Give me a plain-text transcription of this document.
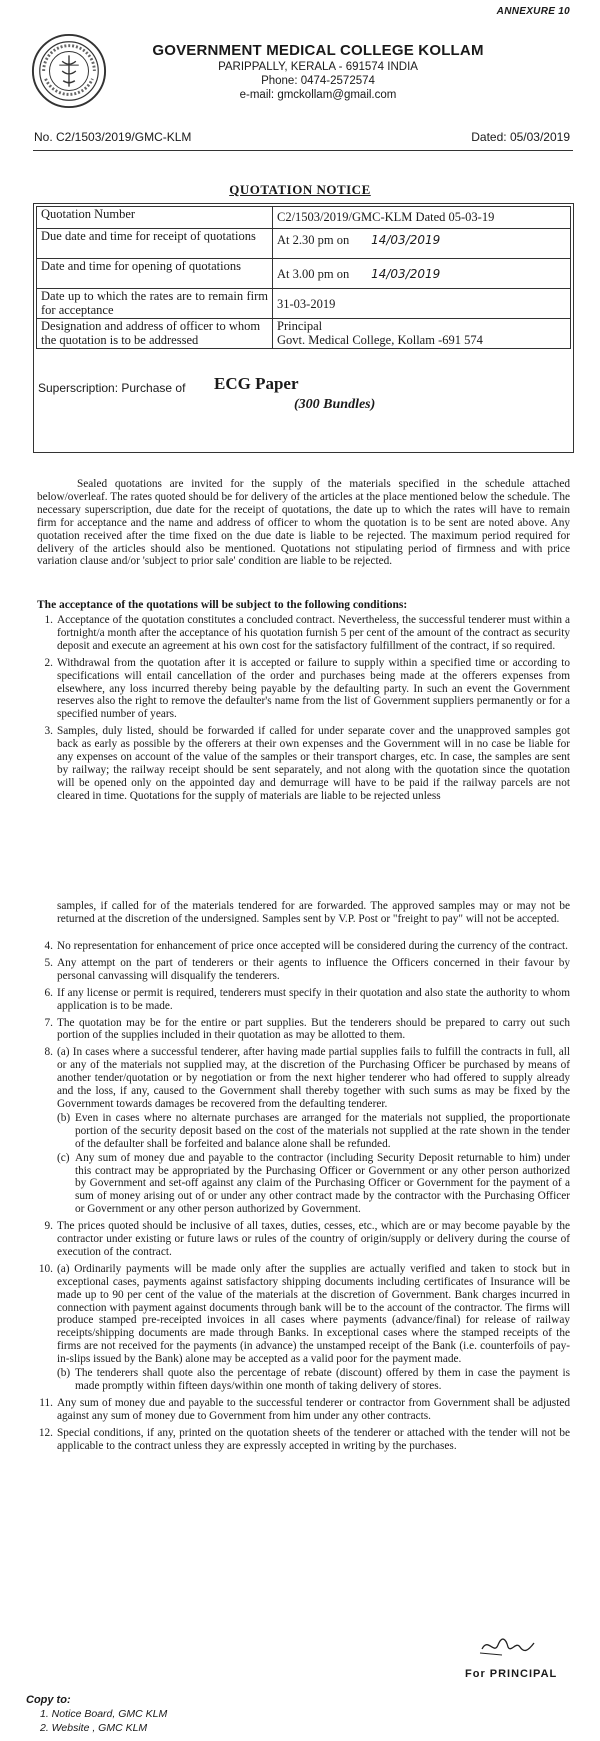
ANNEXURE 10

GOVERNMENT MEDICAL COLLEGE KOLLAM

PARIPPALLY, KERALA - 691574 INDIA

Phone: 0474-2572574

e-mail: gmckollam@gmail.com

No. C2/1503/2019/GMC-KLM	Dated: 05/03/2019
QUOTATION NOTICE
Quotation Number	C2/1503/2019/GMC-KLM Dated 05-03-19
Due date and time for receipt of quotations	At 2.30 pm on 14/03/2019
Date and time for opening of quotations	At 3.00 pm on 14/03/2019
Date up to which the rates are to remain firm for acceptance	31-03-2019
Designation and address of officer to whom the quotation is to be addressed	Principal
Govt. Medical College, Kollam -691 574
Superscription: Purchase of ECG Paper
(300 Bundles)
Sealed quotations are invited for the supply of the materials specified in the schedule attached below/overleaf. The rates quoted should be for delivery of the articles at the place mentioned below the schedule. The necessary superscription, due date for the receipt of quotations, the date up to which the rates will have to remain firm for acceptance and the name and address of officer to whom the quotation is to be sent are noted above. Any quotation received after the time fixed on the due date is liable to be rejected. The maximum period required for delivery of the articles should also be mentioned. Quotations not stipulating period of firmness and with price variation clause and/or 'subject to prior sale' condition are liable to be rejected.
The acceptance of the quotations will be subject to the following conditions:
1. Acceptance of the quotation constitutes a concluded contract. Nevertheless, the successful tenderer must within a fortnight/a month after the acceptance of his quotation furnish 5 per cent of the amount of the contract as security deposit and execute an agreement at his own cost for the satisfactory fulfillment of the contract, if so required.
2. Withdrawal from the quotation after it is accepted or failure to supply within a specified time or according to specifications will entail cancellation of the order and purchases being made at the offerers expenses from elsewhere, any loss incurred thereby being payable by the defaulting party. In such an event the Government reserves also the right to remove the defaulter's name from the list of Government suppliers permanently or for a specified number of years.
3. Samples, duly listed, should be forwarded if called for under separate cover and the unapproved samples got back as early as possible by the offerers at their own expenses and the Government will in no case be liable for any expenses on account of the value of the samples or their transport charges, etc. In case, the samples are sent by railway; the railway receipt should be sent separately, and not along with the quotation since the quotation will be opened only on the appointed day and demurrage will have to be paid if the railway parcels are not cleared in time. Quotations for the supply of materials are liable to be rejected unless
samples, if called for of the materials tendered for are forwarded. The approved samples may or may not be returned at the discretion of the undersigned. Samples sent by V.P. Post or "freight to pay" will not be accepted.
4. No representation for enhancement of price once accepted will be considered during the currency of the contract.
5. Any attempt on the part of tenderers or their agents to influence the Officers concerned in their favour by personal canvassing will disqualify the tenderers.
6. If any license or permit is required, tenderers must specify in their quotation and also state the authority to whom application is to be made.
7. The quotation may be for the entire or part supplies. But the tenderers should be prepared to carry out such portion of the supplies included in their quotation as may be allotted to them.
8. (a) In cases where a successful tenderer, after having made partial supplies fails to fulfill the contracts in full, all or any of the materials not supplied may, at the discretion of the Purchasing Officer be purchased by means of another tender/quotation or by negotiation or from the next higher tenderer who had offered to supply already and the loss, if any, caused to the Government shall thereby together with such sums as may be fixed by the Government towards damages be recovered from the defaulting tenderer.
(b) Even in cases where no alternate purchases are arranged for the materials not supplied, the proportionate portion of the security deposit based on the cost of the materials not supplied at the rate shown in the tender of the defaulter shall be forfeited and balance alone shall be refunded.
(c) Any sum of money due and payable to the contractor (including Security Deposit returnable to him) under this contract may be appropriated by the Purchasing Officer or Government or any other person authorized by Government and set-off against any claim of the Purchasing Officer or Government for the payment of a sum of money arising out of or under any other contract made by the contractor with the Purchasing Officer or Government or any other person authorized by Government.
9. The prices quoted should be inclusive of all taxes, duties, cesses, etc., which are or may become payable by the contractor under existing or future laws or rules of the country of origin/supply or delivery during the course of execution of the contract.
10. (a) Ordinarily payments will be made only after the supplies are actually verified and taken to stock but in exceptional cases, payments against satisfactory shipping documents including certificates of Insurance will be made up to 90 per cent of the value of the materials at the discretion of Government. Bank charges incurred in connection with payment against documents through bank will be to the account of the contractor. The firms will produce stamped pre-receipted invoices in all cases where payments (advance/final) for release of railway receipts/shipping documents are made through Banks. In exceptional cases where the stamped receipts of the firms are not received for the payments (in advance) the unstamped receipt of the Bank (i.e. counterfoils of pay-in-slips issued by the Bank) alone may be accepted as a valid poor for the payment made.
(b) The tenderers shall quote also the percentage of rebate (discount) offered by them in case the payment is made promptly within fifteen days/within one month of taking delivery of stores.
11. Any sum of money due and payable to the successful tenderer or contractor from Government shall be adjusted against any sum of money due to Government from him under any other contracts.
12. Special conditions, if any, printed on the quotation sheets of the tenderer or attached with the tender will not be applicable to the contract unless they are expressly accepted in writing by the purchases.
For PRINCIPAL
Copy to:
1. Notice Board, GMC KLM
2. Website , GMC KLM
